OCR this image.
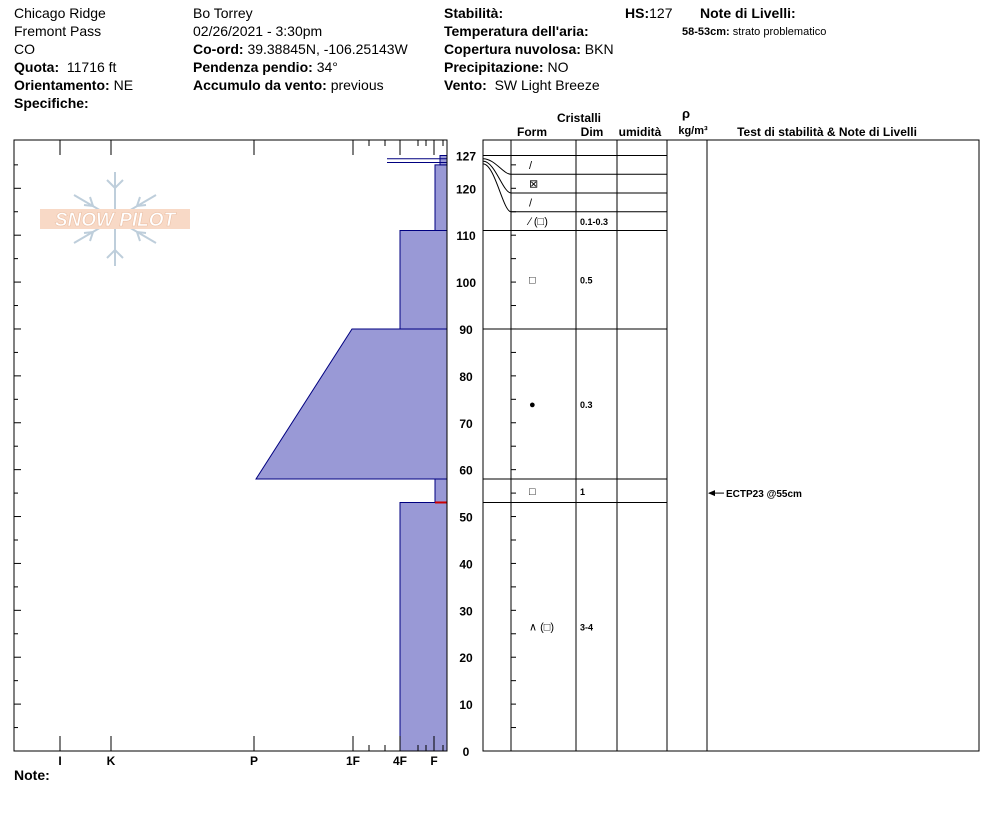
Chicago Ridge
Fremont Pass
CO
Quota: 11716 ft
Orientamento: NE
Specifiche:
Bo Torrey
02/26/2021 - 3:30pm
Co-ord: 39.38845N, -106.25143W
Pendenza pendio: 34°
Accumulo da vento: previous
Stabilità:
Temperatura dell'aria:
Copertura nuvolosa: BKN
Precipitazione: NO
Vento: SW Light Breeze
HS:127 Note di Livelli:
58-53cm: strato problematico
Note:
SNOW PILOT
I	K	P	1F	4F F
0
10
20
30
40
50
60
70
80
90
100
110
120
127
/
⊠
/
∕ (□)	0.1-0.3
□	0.5
●	0.3
□	1
∧ (□)	3-4
ECTP23 @55cm
Cristalli
Form	Dim umidità
ρ
kg/m³ Test di stabilità & Note di Livelli
